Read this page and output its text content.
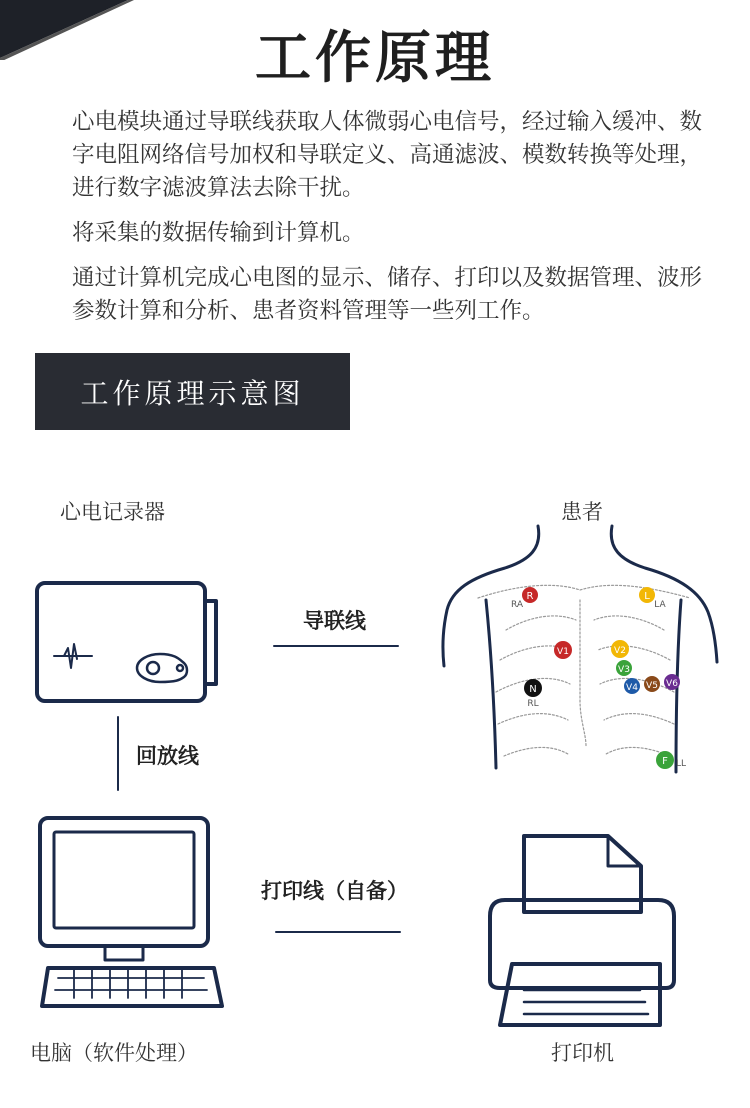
工作原理

心电模块通过导联线获取人体微弱心电信号，经过输入缓冲、数字电阻网络信号加权和导联定义、高通滤波、模数转换等处理，进行数字滤波算法去除干扰。

将采集的数据传输到计算机。

通过计算机完成心电图的显示、储存、打印以及数据管理、波形参数计算和分析、患者资料管理等一些列工作。

工作原理示意图
心电记录器	患者
电脑（软件处理）	打印机
导联线
回放线
打印线（自备）
R
RA
L
LA
V1	V2
V3
V4 V5 V6
N
RL
F LL
